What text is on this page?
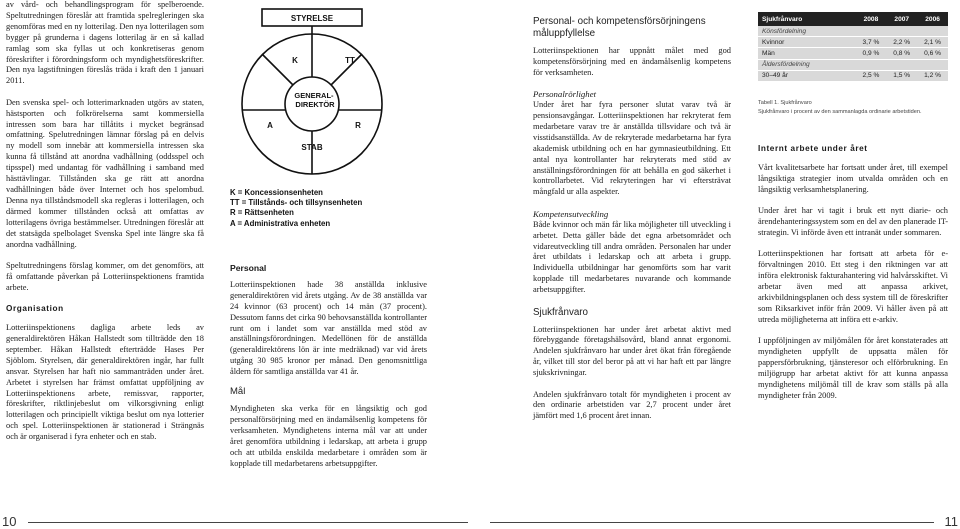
av vård- och behandlingsprogram för spelberoende. Speltutredningen föreslår att framtida spelregleringen ska genomföras med en ny lotterilag. Den nya lotterilagen som bygger på grunderna i dagens lotterilag är en så kallad ramlag som ska fyllas ut och konkretiseras genom föreskrifter i förordningsform och myndighetsföreskrifter. Den nya lagstiftningen föreslås träda i kraft den 1 januari 2011.

Den svenska spel- och lotterimarknaden utgörs av staten, hästsporten och folkrörelserna samt kommersiella intressen som bara har tillåtits i mycket begränsad omfattning. Spelutredningen lämnar förslag på en delvis ny modell som innebär att kommersiella intressen ska kunna få tillstånd att anordna vadhållning (oddsspel och tipsspel) med undantag för vadhållning i samband med hästtävlingar. Tillstånden ska ge rätt att anordna vadhållningen både över Internet och hos spelombud. Denna nya tillståndsmodell ska regleras i lotterilagen, och därmed kommer tillstånden också att omfattas av lotterilagens övriga bestämmelser. Utredningen föreslår att det statsägda spelbolaget Svenska Spel inte längre ska få anordna vadhållning.

Speltutredningens förslag kommer, om det genomförs, att få omfattande påverkan på Lotteriinspektionens framtida arbete.

Organisation

Lotteriinspektionens dagliga arbete leds av generaldirektören Håkan Hallstedt som tillträdde den 18 september. Håkan Hallstedt efterträdde Hases Per Sjöblom. Styrelsen, där generaldirektören ingår, har fullt ansvar. Styrelsen har haft nio sammanträden under året. Arbetet i styrelsen har främst omfattat uppföljning av Lotteriinspektionens arbete, remissvar, rapporter, föreskrifter, riktlinjebeslut om vilkorsgivning enligt lotterilagen och principiellt viktiga beslut om nya lotterier och spel. Lotteriinspektionen är stationerad i Strängnäs och är organiserad i fyra enheter och en stab.

STYRELSE
K	TT
A	R
STAB
GENERAL- DIREKTÖR
K = Koncessionsenheten
TT = Tillstånds- och tillsynsenheten
R = Rättsenheten
A = Administrativa enheten
Personal

Lotteriinspektionen hade 38 anställda inklusive generaldirektören vid årets utgång. Av de 38 anställda var 24 kvinnor (63 procent) och 14 män (37 procent). Dessutom fanns det cirka 90 behovsanställda kontrollanter runt om i landet som var anställda med stöd av anställningsförordningen. Medellönen för de anställda (generaldirektörens lön är inte medräknad) var vid årets utgång 30 985 kronor per månad. Den genomsnittliga åldern för samtliga anställda var 41 år.

Mål

Myndigheten ska verka för en långsiktig och god personalförsörjning med en ändamålsenlig kompetens för verksamheten. Myndighetens interna mål var att under året genomföra utbildning i ledarskap, att arbeta i grupp och att utbilda enskilda medarbetare i områden som är kopplade till medarbetarens arbetsuppgifter.

Personal- och kompetensförsörjningens måluppfyllelse

Lotteriinspektionen har uppnått målet med god kompetensförsörjning med en ändamålsenlig kompetens för verksamheten.

Personalrörlighet

Under året har fyra personer slutat varav två är pensionsavgångar. Lotteriinspektionen har rekryterat fem medarbetare varav tre är anställda tillsvidare och två är visstidsanställda. Av de rekryterade medarbetarna har fyra akademisk utbildning och en har gymnasieutbildning. Ett antal nya kontrollanter har rekryterats med stöd av anställningsförordningen för att behålla en god säkerhet i kontrollarbetet. Vid rekryteringen har vi eftersträvat mångfald ur alla aspekter.

Kompetensutveckling

Både kvinnor och män får lika möjligheter till utveckling i arbetet. Detta gäller både det egna arbetsområdet och vidareutveckling till andra områden. Personalen har under året utbildats i ledarskap och att arbeta i grupp. Individuella utbildningar har genomförts som har varit kopplade till medarbetares nuvarande och kommande arbetsuppgifter.

Sjukfrånvaro

Lotteriinspektionen har under året arbetat aktivt med förebyggande företagshälsovård, bland annat ergonomi. Andelen sjukfrånvaro har under året ökat från föregående år, vilket till stor del beror på att vi har haft ett par längre sjukskrivningar.

Andelen sjukfrånvaro totalt för myndigheten i procent av den ordinarie arbetstiden var 2,7 procent under året jämfört med 1,6 procent året innan.

Sjukfrånvaro	2008	2007	2006
Könsfördelning
Kvinnor	3,7 %	2,2 %	2,1 %
Män	0,9 %	0,8 %	0,6 %
Åldersfördelning
30–49 år	2,5 %	1,5 %	1,2 %
Tabell 1. Sjukfrånvaro
Sjukfrånvaro i procent av den sammanlagda ordinarie arbetstiden.
Internt arbete under året

Vårt kvalitetsarbete har fortsatt under året, till exempel långsiktiga strategier inom utvalda områden och en långsiktig verksamhetsplanering.

Under året har vi tagit i bruk ett nytt diarie- och ärendehanteringssystem som en del av den planerade IT-strategin. Vi införde även ett intranät under sommaren.

Lotteriinspektionen har fortsatt att arbeta för e-förvaltningen 2010. Ett steg i den riktningen var att införa elektronisk fakturahantering vid halvårsskiftet. Vi arbetar även med att anpassa arkivet, arkivbildningsplanen och dess system till de föreskrifter som Riksarkivet inför från 2009. Vi håller även på att utreda möjligheterna att införa ett e-arkiv.

I uppföljningen av miljömålen för året konstaterades att myndigheten uppfyllt de uppsatta målen för pappersförbrukning, tjänsteresor och elförbrukning. En miljögrupp har arbetat aktivt för att kunna anpassa myndighetens miljömål till de krav som ställs på alla myndigheter från 2009.

10	11
